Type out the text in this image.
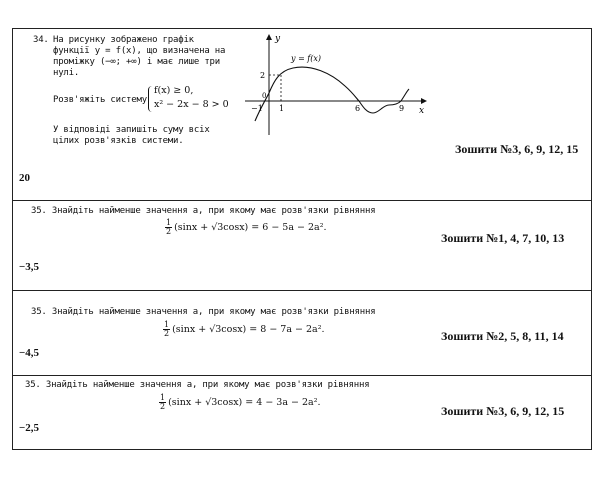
34. На рисунку зображено графік
функції y = f(x), що визначена на
проміжку (−∞; +∞) і має лише три
нулі.
Розв'яжіть систему
f(x) ≥ 0,
x² − 2x − 8 > 0
У відповіді запишіть суму всіх
цілих розв'язків системи.
y
x
y = f(x)
2
0
−1 1	6	9
20
Зошити №3, 6, 9, 12, 15
35. Знайдіть найменше значення a, при якому має розв'язки рівняння
$\frac{1}{2} (\sin x + √3\cos x) = 6 - 5a - 2a^2$.
−3,5
Зошити №1, 4, 7, 10, 13
35. Знайдіть найменше значення a, при якому має розв'язки рівняння
$\frac{1}{2} (\sin x + √3\cos x) = 8 - 7a - 2a^2$.
−4,5
Зошити №2, 5, 8, 11, 14
35. Знайдіть найменше значення a, при якому має розв'язки рівняння
$\frac{1}{2} (\sin x + √3\cos x) = 4 - 3a - 2a^2$.
−2,5
Зошити №3, 6, 9, 12, 15
